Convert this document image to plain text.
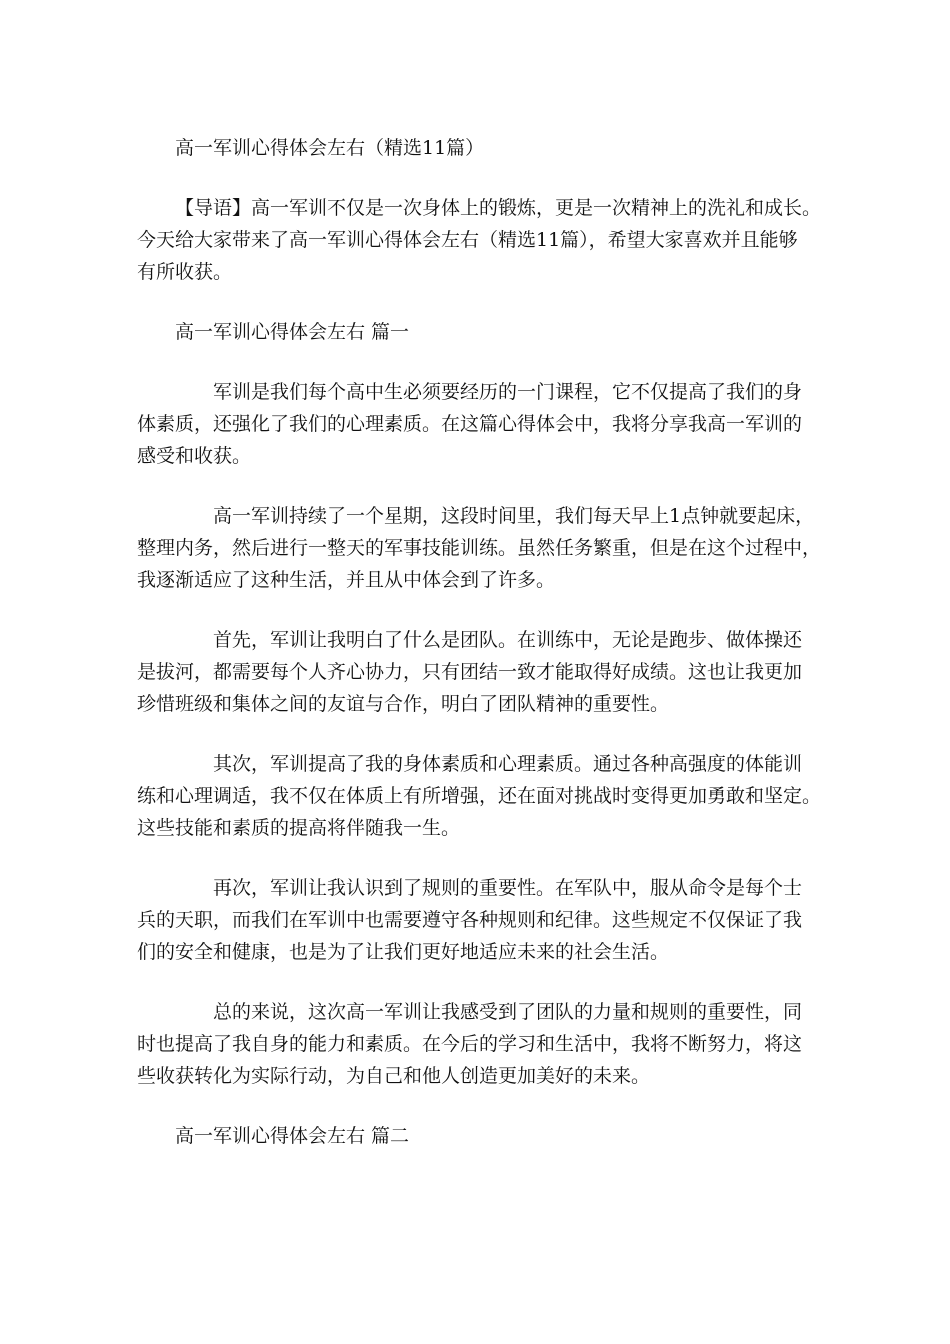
高一军训心得体会左右（精选11篇）

【导语】高一军训不仅是一次身体上的锻炼，更是一次精神上的洗礼和成长。

今天给大家带来了高一军训心得体会左右（精选11篇），希望大家喜欢并且能够

有所收获。

高一军训心得体会左右 篇一

军训是我们每个高中生必须要经历的一门课程，它不仅提高了我们的身

体素质，还强化了我们的心理素质。在这篇心得体会中，我将分享我高一军训的

感受和收获。

高一军训持续了一个星期，这段时间里，我们每天早上1点钟就要起床，

整理内务，然后进行一整天的军事技能训练。虽然任务繁重，但是在这个过程中，

我逐渐适应了这种生活，并且从中体会到了许多。

首先，军训让我明白了什么是团队。在训练中，无论是跑步、做体操还

是拔河，都需要每个人齐心协力，只有团结一致才能取得好成绩。这也让我更加

珍惜班级和集体之间的友谊与合作，明白了团队精神的重要性。

其次，军训提高了我的身体素质和心理素质。通过各种高强度的体能训

练和心理调适，我不仅在体质上有所增强，还在面对挑战时变得更加勇敢和坚定。

这些技能和素质的提高将伴随我一生。

再次，军训让我认识到了规则的重要性。在军队中，服从命令是每个士

兵的天职，而我们在军训中也需要遵守各种规则和纪律。这些规定不仅保证了我

们的安全和健康，也是为了让我们更好地适应未来的社会生活。

总的来说，这次高一军训让我感受到了团队的力量和规则的重要性，同

时也提高了我自身的能力和素质。在今后的学习和生活中，我将不断努力，将这

些收获转化为实际行动，为自己和他人创造更加美好的未来。

高一军训心得体会左右 篇二
